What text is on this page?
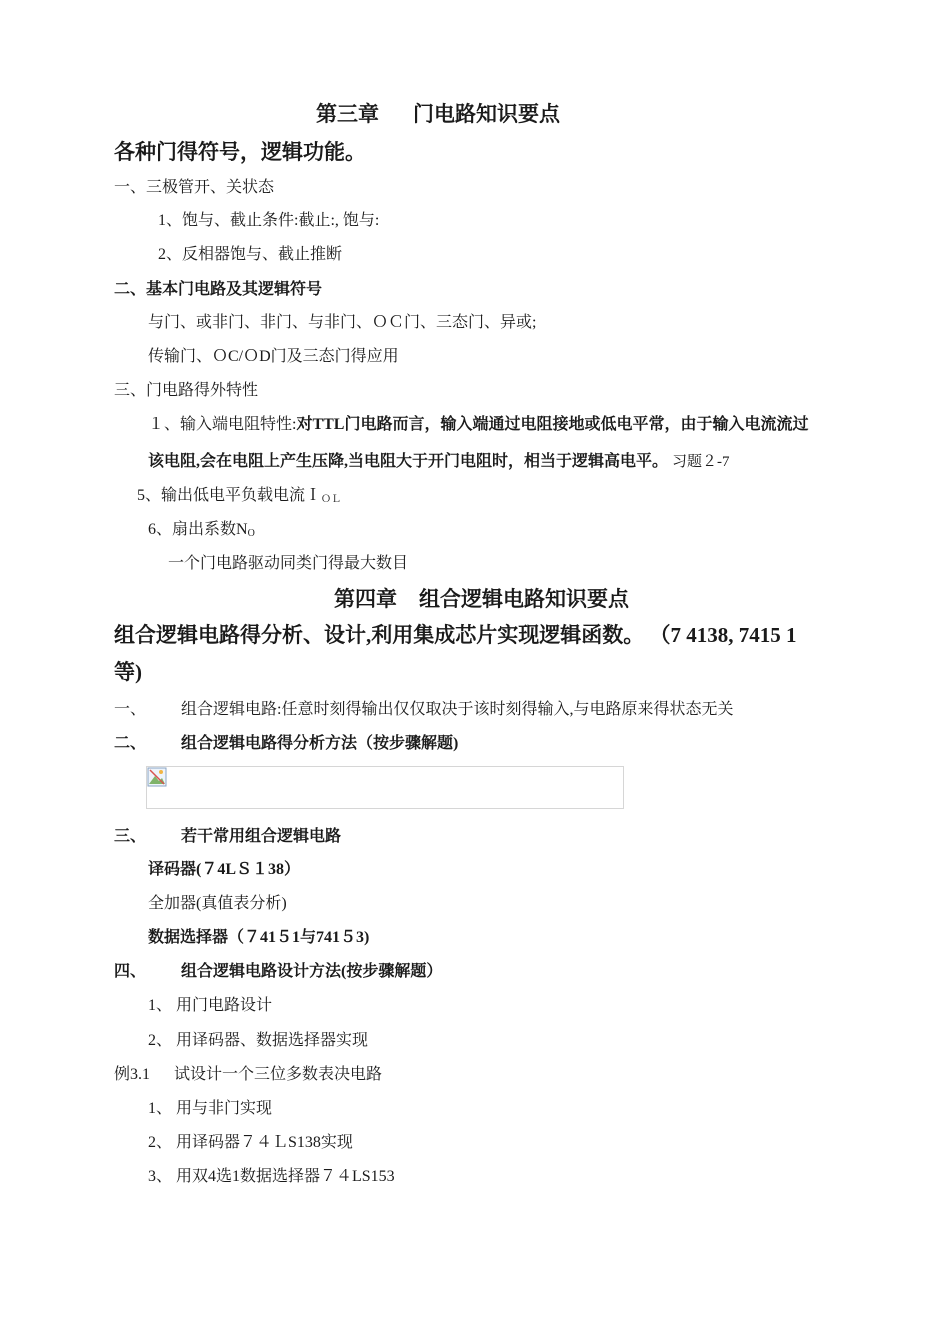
第三章 门电路知识要点
各种门得符号，逻辑功能。
一、三极管开、关状态
1、饱与、截止条件:截止:, 饱与:
2、反相器饱与、截止推断
二、基本门电路及其逻辑符号
与门、或非门、非门、与非门、ＯＣ门、三态门、异或;
传输门、ＯC/ＯD门及三态门得应用
三、门电路得外特性
１、输入端电阻特性:对TTL门电路而言，输入端通过电阻接地或低电平常，由于输入电流流过
该电阻,会在电阻上产生压降,当电阻大于开门电阻时，相当于逻辑高电平。 习题２-7
5、输出低电平负载电流Ｉ$_{OL}$
6、扇出系数$N_O$
一个门电路驱动同类门得最大数目
第四章 组合逻辑电路知识要点
组合逻辑电路得分析、设计,利用集成芯片实现逻辑函数。 （7 4138, 7415 1
等)
一、 组合逻辑电路:任意时刻得输出仅仅取决于该时刻得输入,与电路原来得状态无关
二、 组合逻辑电路得分析方法（按步骤解题)
三、 若干常用组合逻辑电路
译码器(７4LＳ１38）
全加器(真值表分析)
数据选择器（７41５1与741５3)
四、 组合逻辑电路设计方法(按步骤解题）
1、 用门电路设计
2、 用译码器、数据选择器实现
例3.1 试设计一个三位多数表决电路
1、 用与非门实现
2、 用译码器７４ＬS138实现
3、 用双4选1数据选择器７４LS153
